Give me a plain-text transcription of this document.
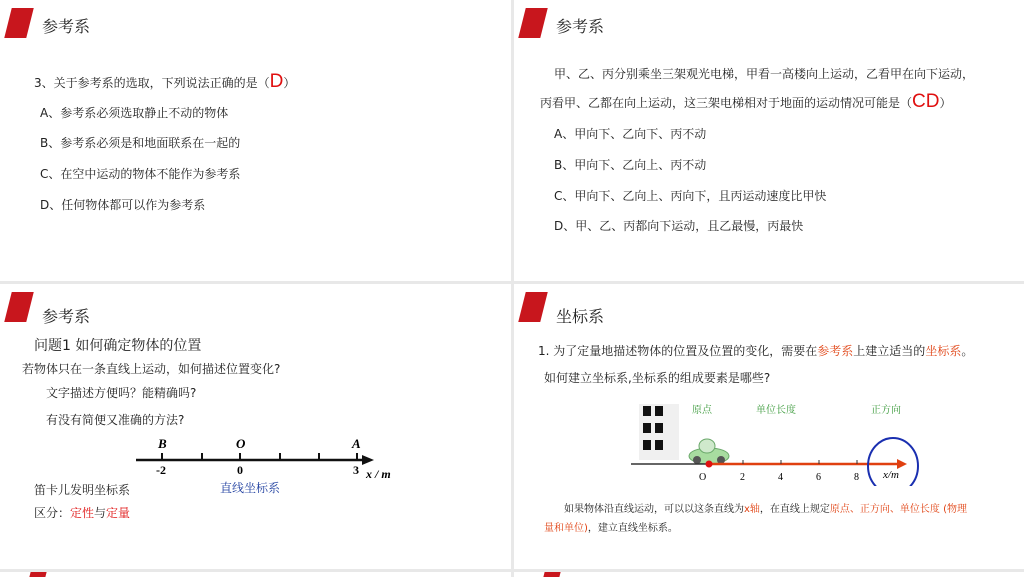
参考系
3、关于参考系的选取，下列说法正确的是（D）
A、参考系必须选取静止不动的物体
B、参考系必须是和地面联系在一起的
C、在空中运动的物体不能作为参考系
D、任何物体都可以作为参考系
参考系
甲、乙、丙分别乘坐三架观光电梯，甲看一高楼向上运动，乙看甲在向下运动，
丙看甲、乙都在向上运动，这三架电梯相对于地面的运动情况可能是（CD）
A、甲向下、乙向下、丙不动
B、甲向下、乙向上、丙不动
C、甲向下、乙向上、丙向下，且丙运动速度比甲快
D、甲、乙、丙都向下运动，且乙最慢，丙最快
参考系
问题1 如何确定物体的位置
若物体只在一条直线上运动，如何描述位置变化?
文字描述方便吗？能精确吗?
有没有简便又准确的方法?
B	O	A
-2	0	3 x / m
直线坐标系
笛卡儿发明坐标系
区分：定性与定量
坐标系
1. 为了定量地描述物体的位置及位置的变化，需要在参考系上建立适当的坐标系。
如何建立坐标系,坐标系的组成要素是哪些?
O	2	4	6	8 x/m
原点	单位长度	正方向
如果物体沿直线运动，可以以这条直线为x轴，在直线上规定原点、正方向、单位长度 (物理
量和单位)，建立直线坐标系。
